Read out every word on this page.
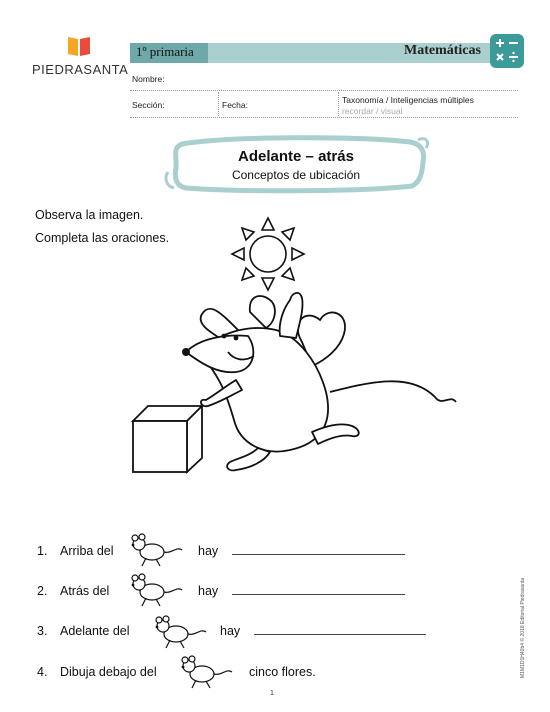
PIEDRASANTA
1º primaria	Matemáticas
Nombre:
Sección:	Fecha:	Taxonomía / Inteligencias múltiples
recordar / visual
Adelante – atrás
Conceptos de ubicación
Observa la imagen.
Completa las oraciones.
1. Arriba del	hay
2. Atrás del	hay
3. Adelante del	hay
4. Dibuja debajo del	cinco flores.
1
M1M1D1H40b4 © 2018 Editorial Piedrasanta
